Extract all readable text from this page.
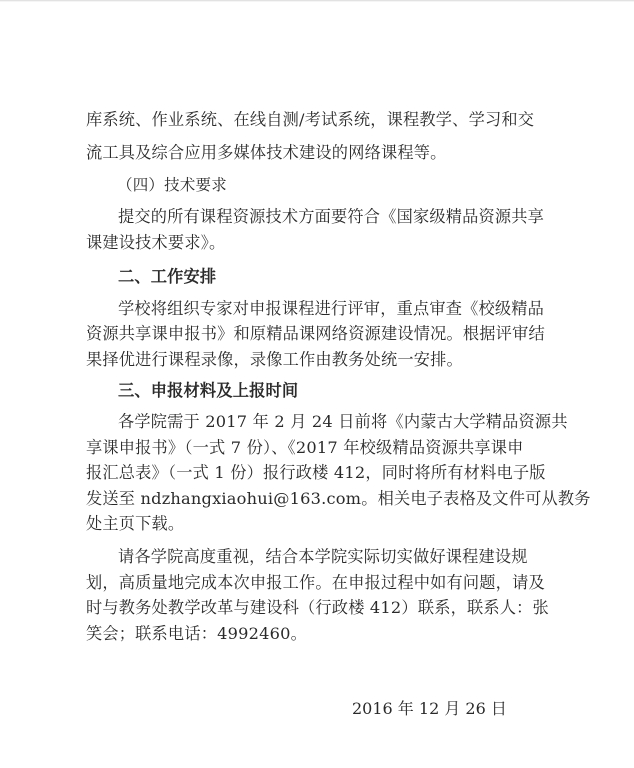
库系统、作业系统、在线自测/考试系统，课程教学、学习和交
流工具及综合应用多媒体技术建设的网络课程等。
（四）技术要求
提交的所有课程资源技术方面要符合《国家级精品资源共享
课建设技术要求》。
二、工作安排
学校将组织专家对申报课程进行评审，重点审查《校级精品
资源共享课申报书》和原精品课网络资源建设情况。根据评审结
果择优进行课程录像，录像工作由教务处统一安排。
三、申报材料及上报时间
各学院需于 2017 年 2 月 24 日前将《内蒙古大学精品资源共
享课申报书》（一式 7 份）、《2017 年校级精品资源共享课申
报汇总表》（一式 1 份）报行政楼 412，同时将所有材料电子版
发送至 ndzhangxiaohui@163.com。相关电子表格及文件可从教务
处主页下载。
请各学院高度重视，结合本学院实际切实做好课程建设规
划，高质量地完成本次申报工作。在申报过程中如有问题，请及
时与教务处教学改革与建设科（行政楼 412）联系，联系人：张
笑会；联系电话：4992460。
2016 年 12 月 26 日
